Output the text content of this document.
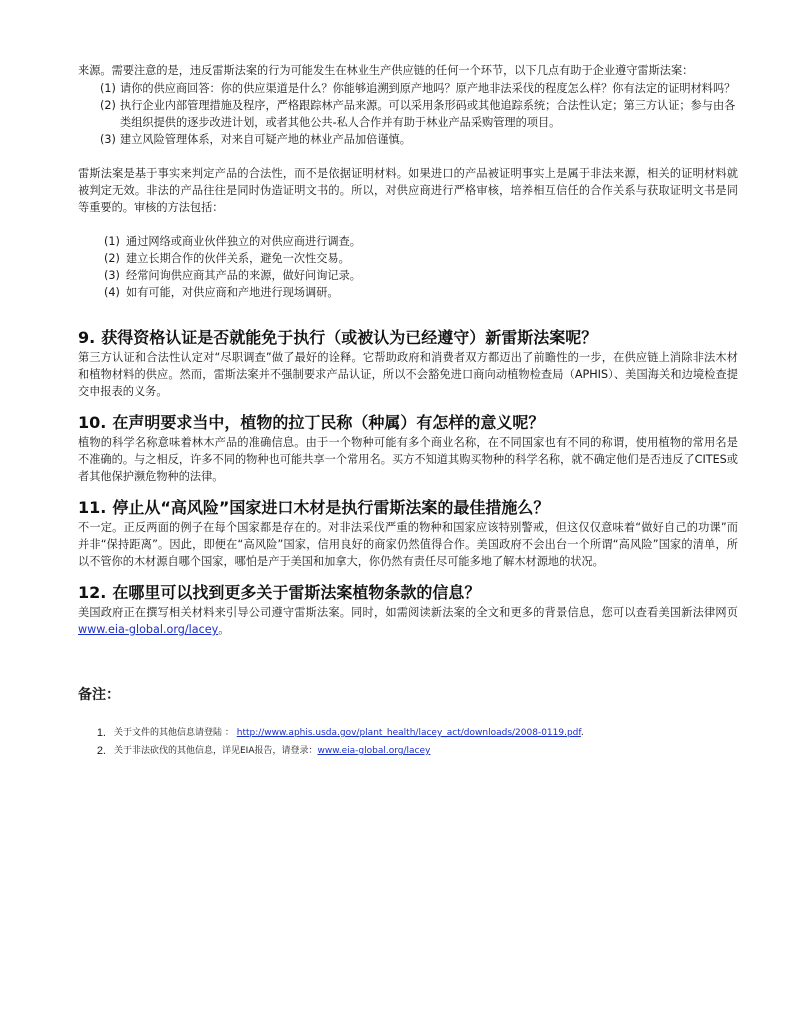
来源。需要注意的是，违反雷斯法案的行为可能发生在林业生产供应链的任何一个环节，以下几点有助于企业遵守雷斯法案：

(1) 请你的供应商回答：你的供应渠道是什么？你能够追溯到原产地吗？原产地非法采伐的程度怎么样？你有法定的证明材料吗？
(2) 执行企业内部管理措施及程序，严格跟踪林产品来源。可以采用条形码或其他追踪系统；合法性认定；第三方认证；参与由各类组织提供的逐步改进计划，或者其他公共-私人合作并有助于林业产品采购管理的项目。
(3) 建立风险管理体系，对来自可疑产地的林业产品加倍谨慎。

雷斯法案是基于事实来判定产品的合法性，而不是依据证明材料。如果进口的产品被证明事实上是属于非法来源，相关的证明材料就被判定无效。非法的产品往往是同时伪造证明文书的。所以，对供应商进行严格审核，培养相互信任的合作关系与获取证明文书是同等重要的。审核的方法包括：

(1) 通过网络或商业伙伴独立的对供应商进行调查。
(2) 建立长期合作的伙伴关系，避免一次性交易。
(3) 经常问询供应商其产品的来源，做好问询记录。
(4) 如有可能，对供应商和产地进行现场调研。
9. 获得资格认证是否就能免于执行（或被认为已经遵守）新雷斯法案呢？

第三方认证和合法性认定对“尽职调查”做了最好的诠释。它帮助政府和消费者双方都迈出了前瞻性的一步，在供应链上消除非法木材和植物材料的供应。然而，雷斯法案并不强制要求产品认证，所以不会豁免进口商向动植物检查局（APHIS）、美国海关和边境检查提交申报表的义务。

10. 在声明要求当中，植物的拉丁民称（种属）有怎样的意义呢？

植物的科学名称意味着林木产品的准确信息。由于一个物种可能有多个商业名称，在不同国家也有不同的称谓，使用植物的常用名是不准确的。与之相反，许多不同的物种也可能共享一个常用名。买方不知道其购买物种的科学名称，就不确定他们是否违反了CITES或者其他保护濒危物种的法律。

11. 停止从“高风险”国家进口木材是执行雷斯法案的最佳措施么？

不一定。正反两面的例子在每个国家都是存在的。对非法采伐严重的物种和国家应该特别警戒，但这仅仅意味着“做好自己的功课”而并非“保持距离”。因此，即便在“高风险”国家，信用良好的商家仍然值得合作。美国政府不会出台一个所谓“高风险”国家的清单，所以不管你的木材源自哪个国家，哪怕是产于美国和加拿大，你仍然有责任尽可能多地了解木材源地的状况。

12. 在哪里可以找到更多关于雷斯法案植物条款的信息？

美国政府正在撰写相关材料来引导公司遵守雷斯法案。同时，如需阅读新法案的全文和更多的背景信息，您可以查看美国新法律网页www.eia-global.org/lacey。

备注：

1. 关于文件的其他信息请登陆 ： http://www.aphis.usda.gov/plant_health/lacey_act/downloads/2008-0119.pdf.
2. 关于非法砍伐的其他信息，详见EIA报告，请登录：www.eia-global.org/lacey
